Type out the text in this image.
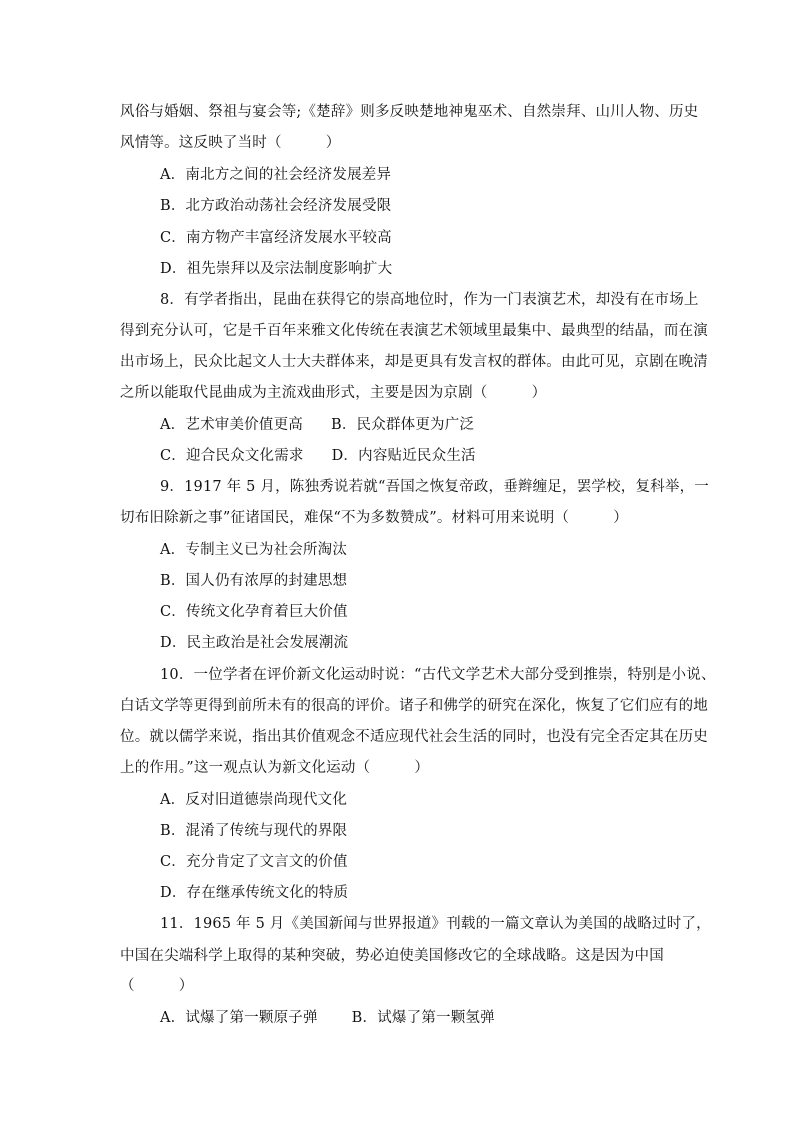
风俗与婚姻、祭祖与宴会等;《楚辞》则多反映楚地神鬼巫术、自然崇拜、山川人物、历史
风情等。这反映了当时（　　　）
A．南北方之间的社会经济发展差异
B．北方政治动荡社会经济发展受限
C．南方物产丰富经济发展水平较高
D．祖先崇拜以及宗法制度影响扩大
8．有学者指出，昆曲在获得它的崇高地位时，作为一门表演艺术，却没有在市场上
得到充分认可，它是千百年来雅文化传统在表演艺术领域里最集中、最典型的结晶，而在演
出市场上，民众比起文人士大夫群体来，却是更具有发言权的群体。由此可见，京剧在晚清
之所以能取代昆曲成为主流戏曲形式，主要是因为京剧（　　　）
A．艺术审美价值更高 B．民众群体更为广泛
C．迎合民众文化需求 D．内容贴近民众生活
9．1917 年 5 月，陈独秀说若就“吾国之恢复帝政，垂辫缠足，罢学校，复科举，一
切布旧除新之事”征诸国民，难保“不为多数赞成”。材料可用来说明（　　　）
A．专制主义已为社会所淘汰
B．国人仍有浓厚的封建思想
C．传统文化孕育着巨大价值
D．民主政治是社会发展潮流
10．一位学者在评价新文化运动时说：“古代文学艺术大部分受到推崇，特别是小说、
白话文学等更得到前所未有的很高的评价。诸子和佛学的研究在深化，恢复了它们应有的地
位。就以儒学来说，指出其价值观念不适应现代社会生活的同时，也没有完全否定其在历史
上的作用。”这一观点认为新文化运动（　　　）
A．反对旧道德崇尚现代文化
B．混淆了传统与现代的界限
C．充分肯定了文言文的价值
D．存在继承传统文化的特质
11．1965 年 5 月《美国新闻与世界报道》刊载的一篇文章认为美国的战略过时了，
中国在尖端科学上取得的某种突破，势必迫使美国修改它的全球战略。这是因为中国
（　　　）
A．试爆了第一颗原子弹 B．试爆了第一颗氢弹
